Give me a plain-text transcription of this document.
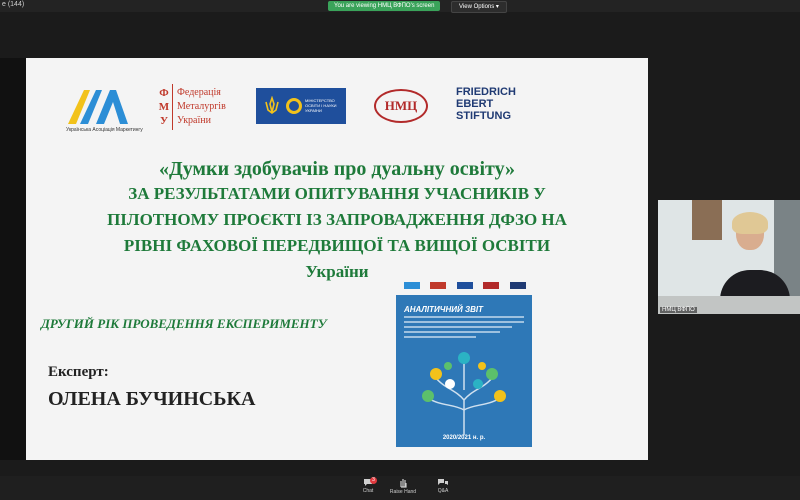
e (144)	You are viewing НМЦ ВФПО's screen	View Options ▾
Українська Асоціація Маркетингу
Ф
М
У
Федерація
Металургів
України
МІНІСТЕРСТВО ОСВІТИ І НАУКИ УКРАЇНИ	НМЦ
FRIEDRICH
EBERT
STIFTUNG
«Думки здобувачів про дуальну освіту»
ЗА РЕЗУЛЬТАТАМИ ОПИТУВАННЯ УЧАСНИКІВ У
ПІЛОТНОМУ ПРОЄКТІ ІЗ ЗАПРОВАДЖЕННЯ ДФЗО НА
РІВНІ ФАХОВОЇ ПЕРЕДВИЩОЇ ТА ВИЩОЇ ОСВІТИ
України
ДРУГИЙ РІК ПРОВЕДЕННЯ ЕКСПЕРИМЕНТУ
Експерт:
ОЛЕНА БУЧИНСЬКА

АНАЛІТИЧНИЙ ЗВІТ
2020/2021 н. р.
НМЦ ВФПО
3
Chat	Raise Hand	Q&A
